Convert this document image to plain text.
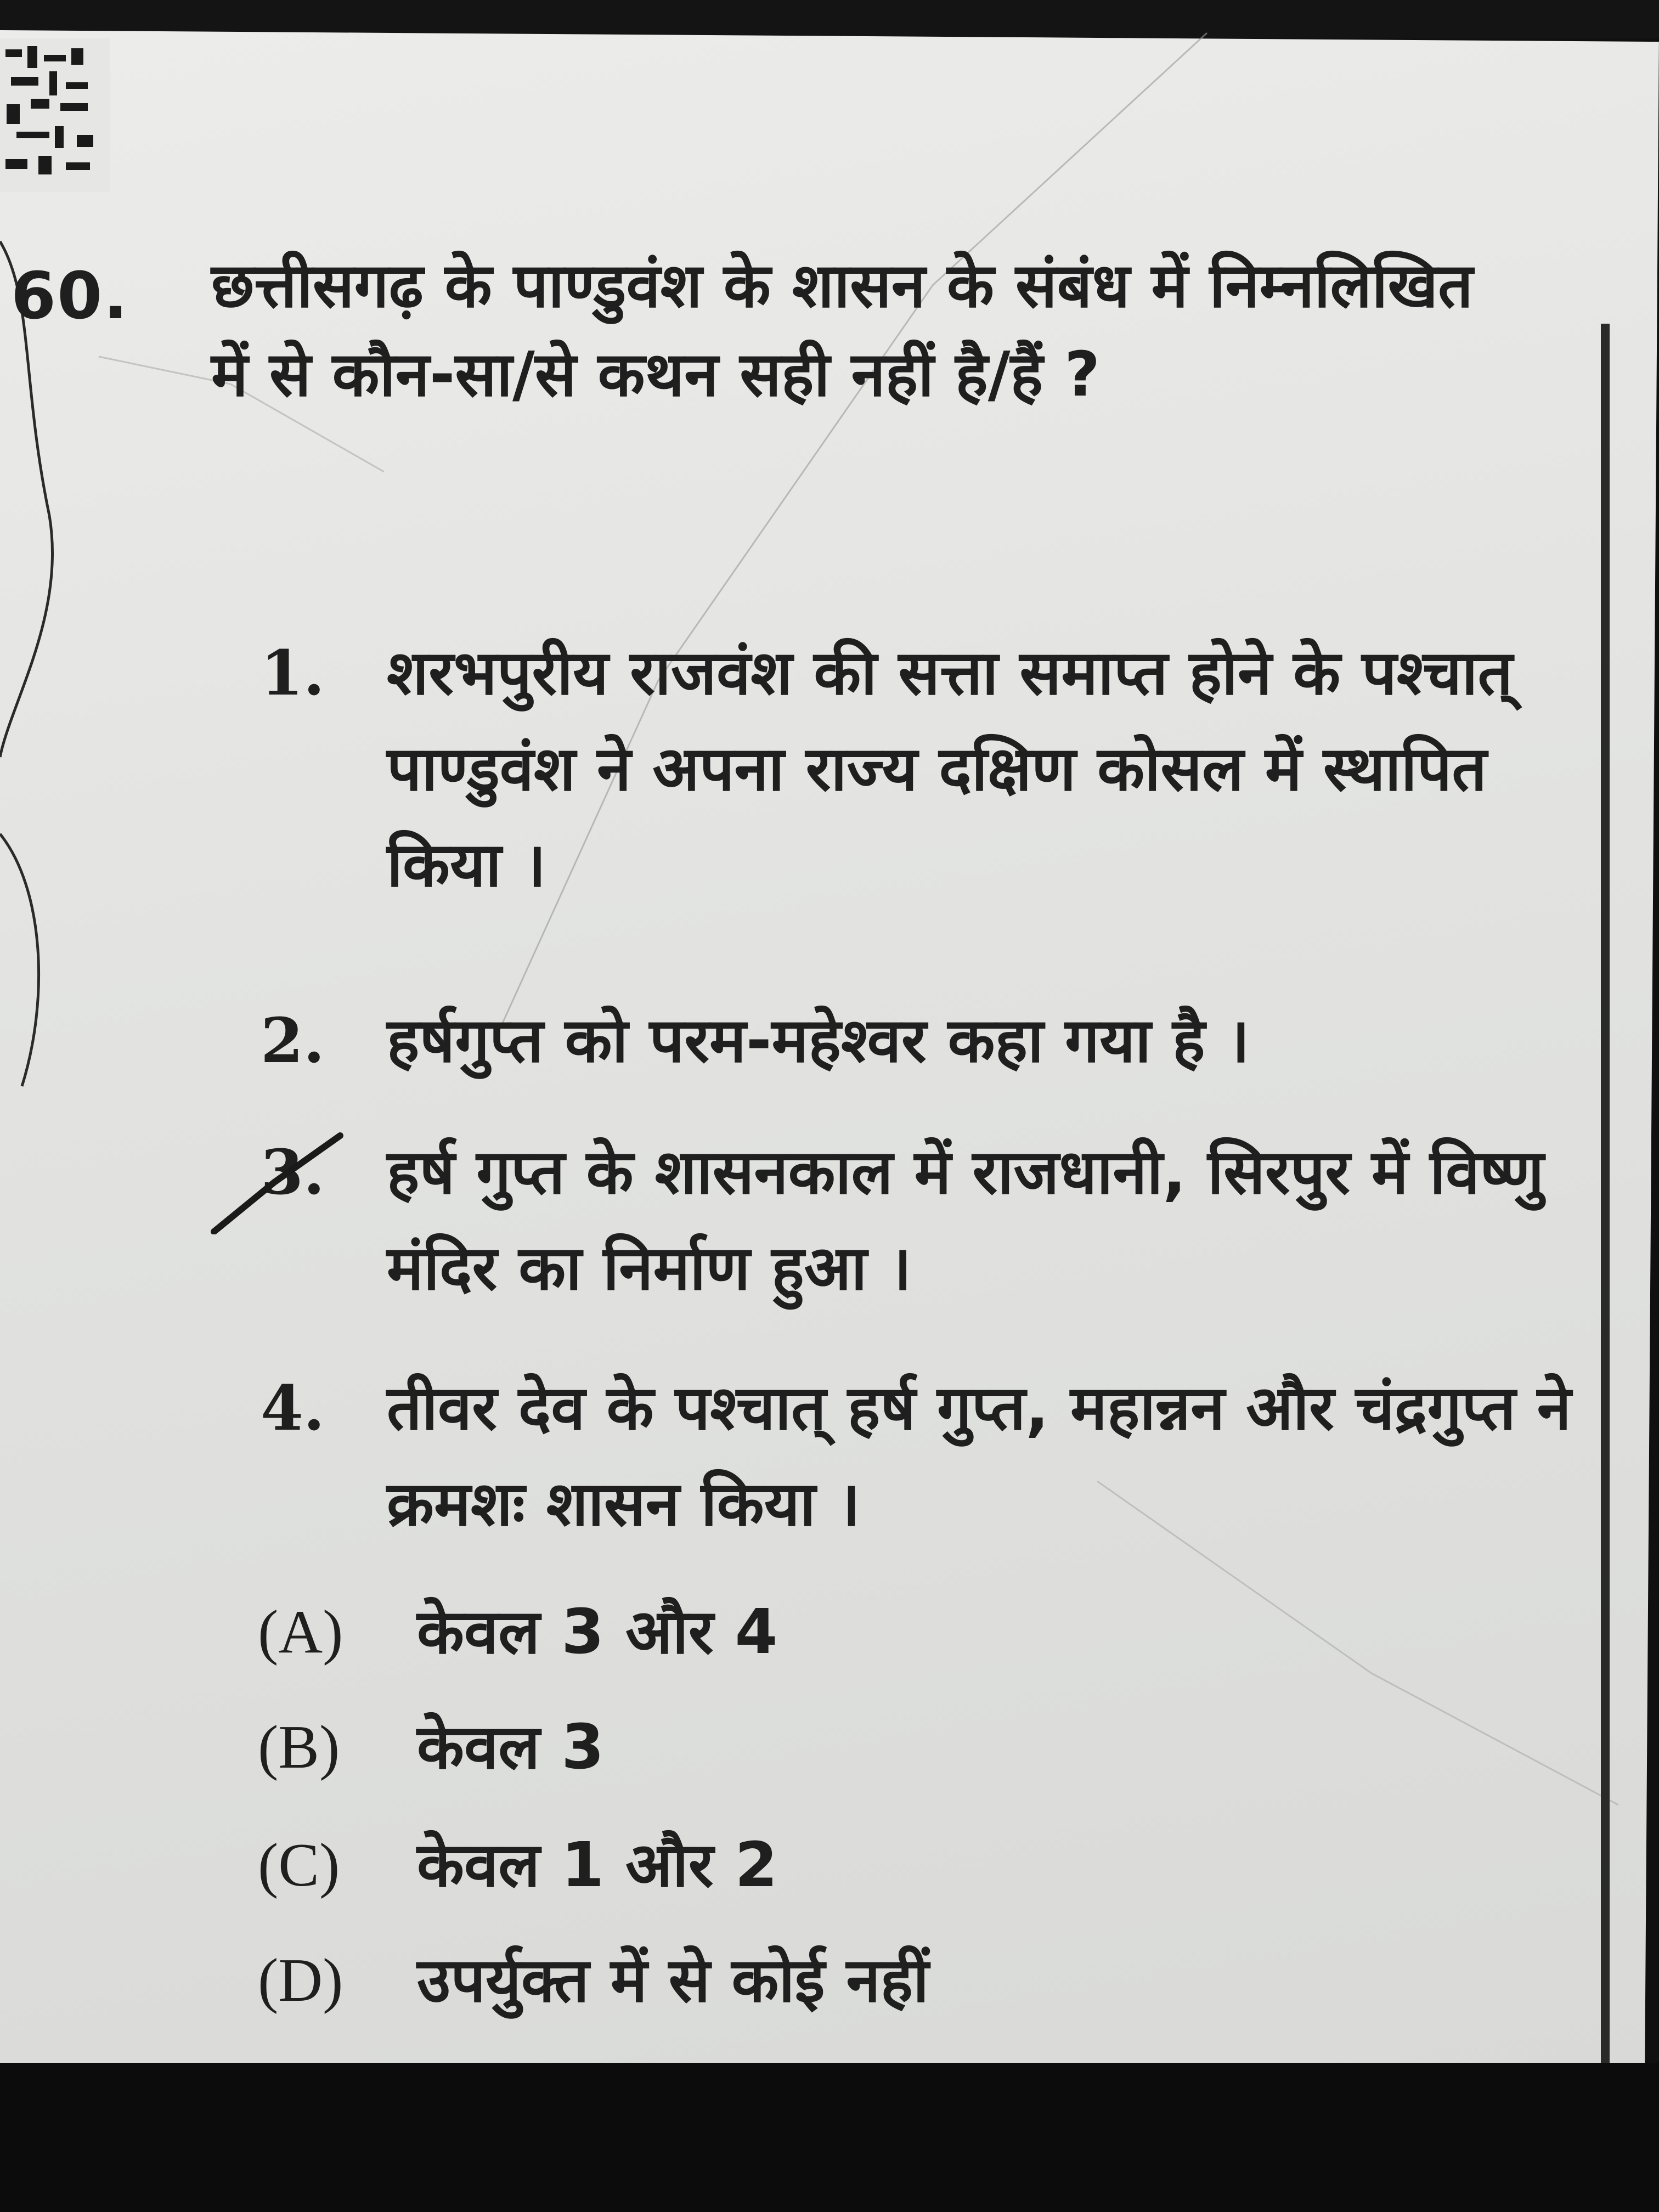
60. छत्तीसगढ़ के पाण्डुवंश के शासन के संबंध में निम्नलिखित में से कौन-सा/से कथन सही नहीं है/हैं ?
1.	शरभपुरीय राजवंश की सत्ता समाप्त होने के पश्चात् पाण्डुवंश ने अपना राज्य दक्षिण कोसल में स्थापित किया ।
2.	हर्षगुप्त को परम-महेश्वर कहा गया है ।
3.	हर्ष गुप्त के शासनकाल में राजधानी, सिरपुर में विष्णु मंदिर का निर्माण हुआ ।
4.	तीवर देव के पश्चात् हर्ष गुप्त, महान्नन और चंद्रगुप्त ने क्रमशः शासन किया ।
(A) केवल 3 और 4
(B) केवल 3
(C) केवल 1 और 2
(D) उपर्युक्त में से कोई नहीं
